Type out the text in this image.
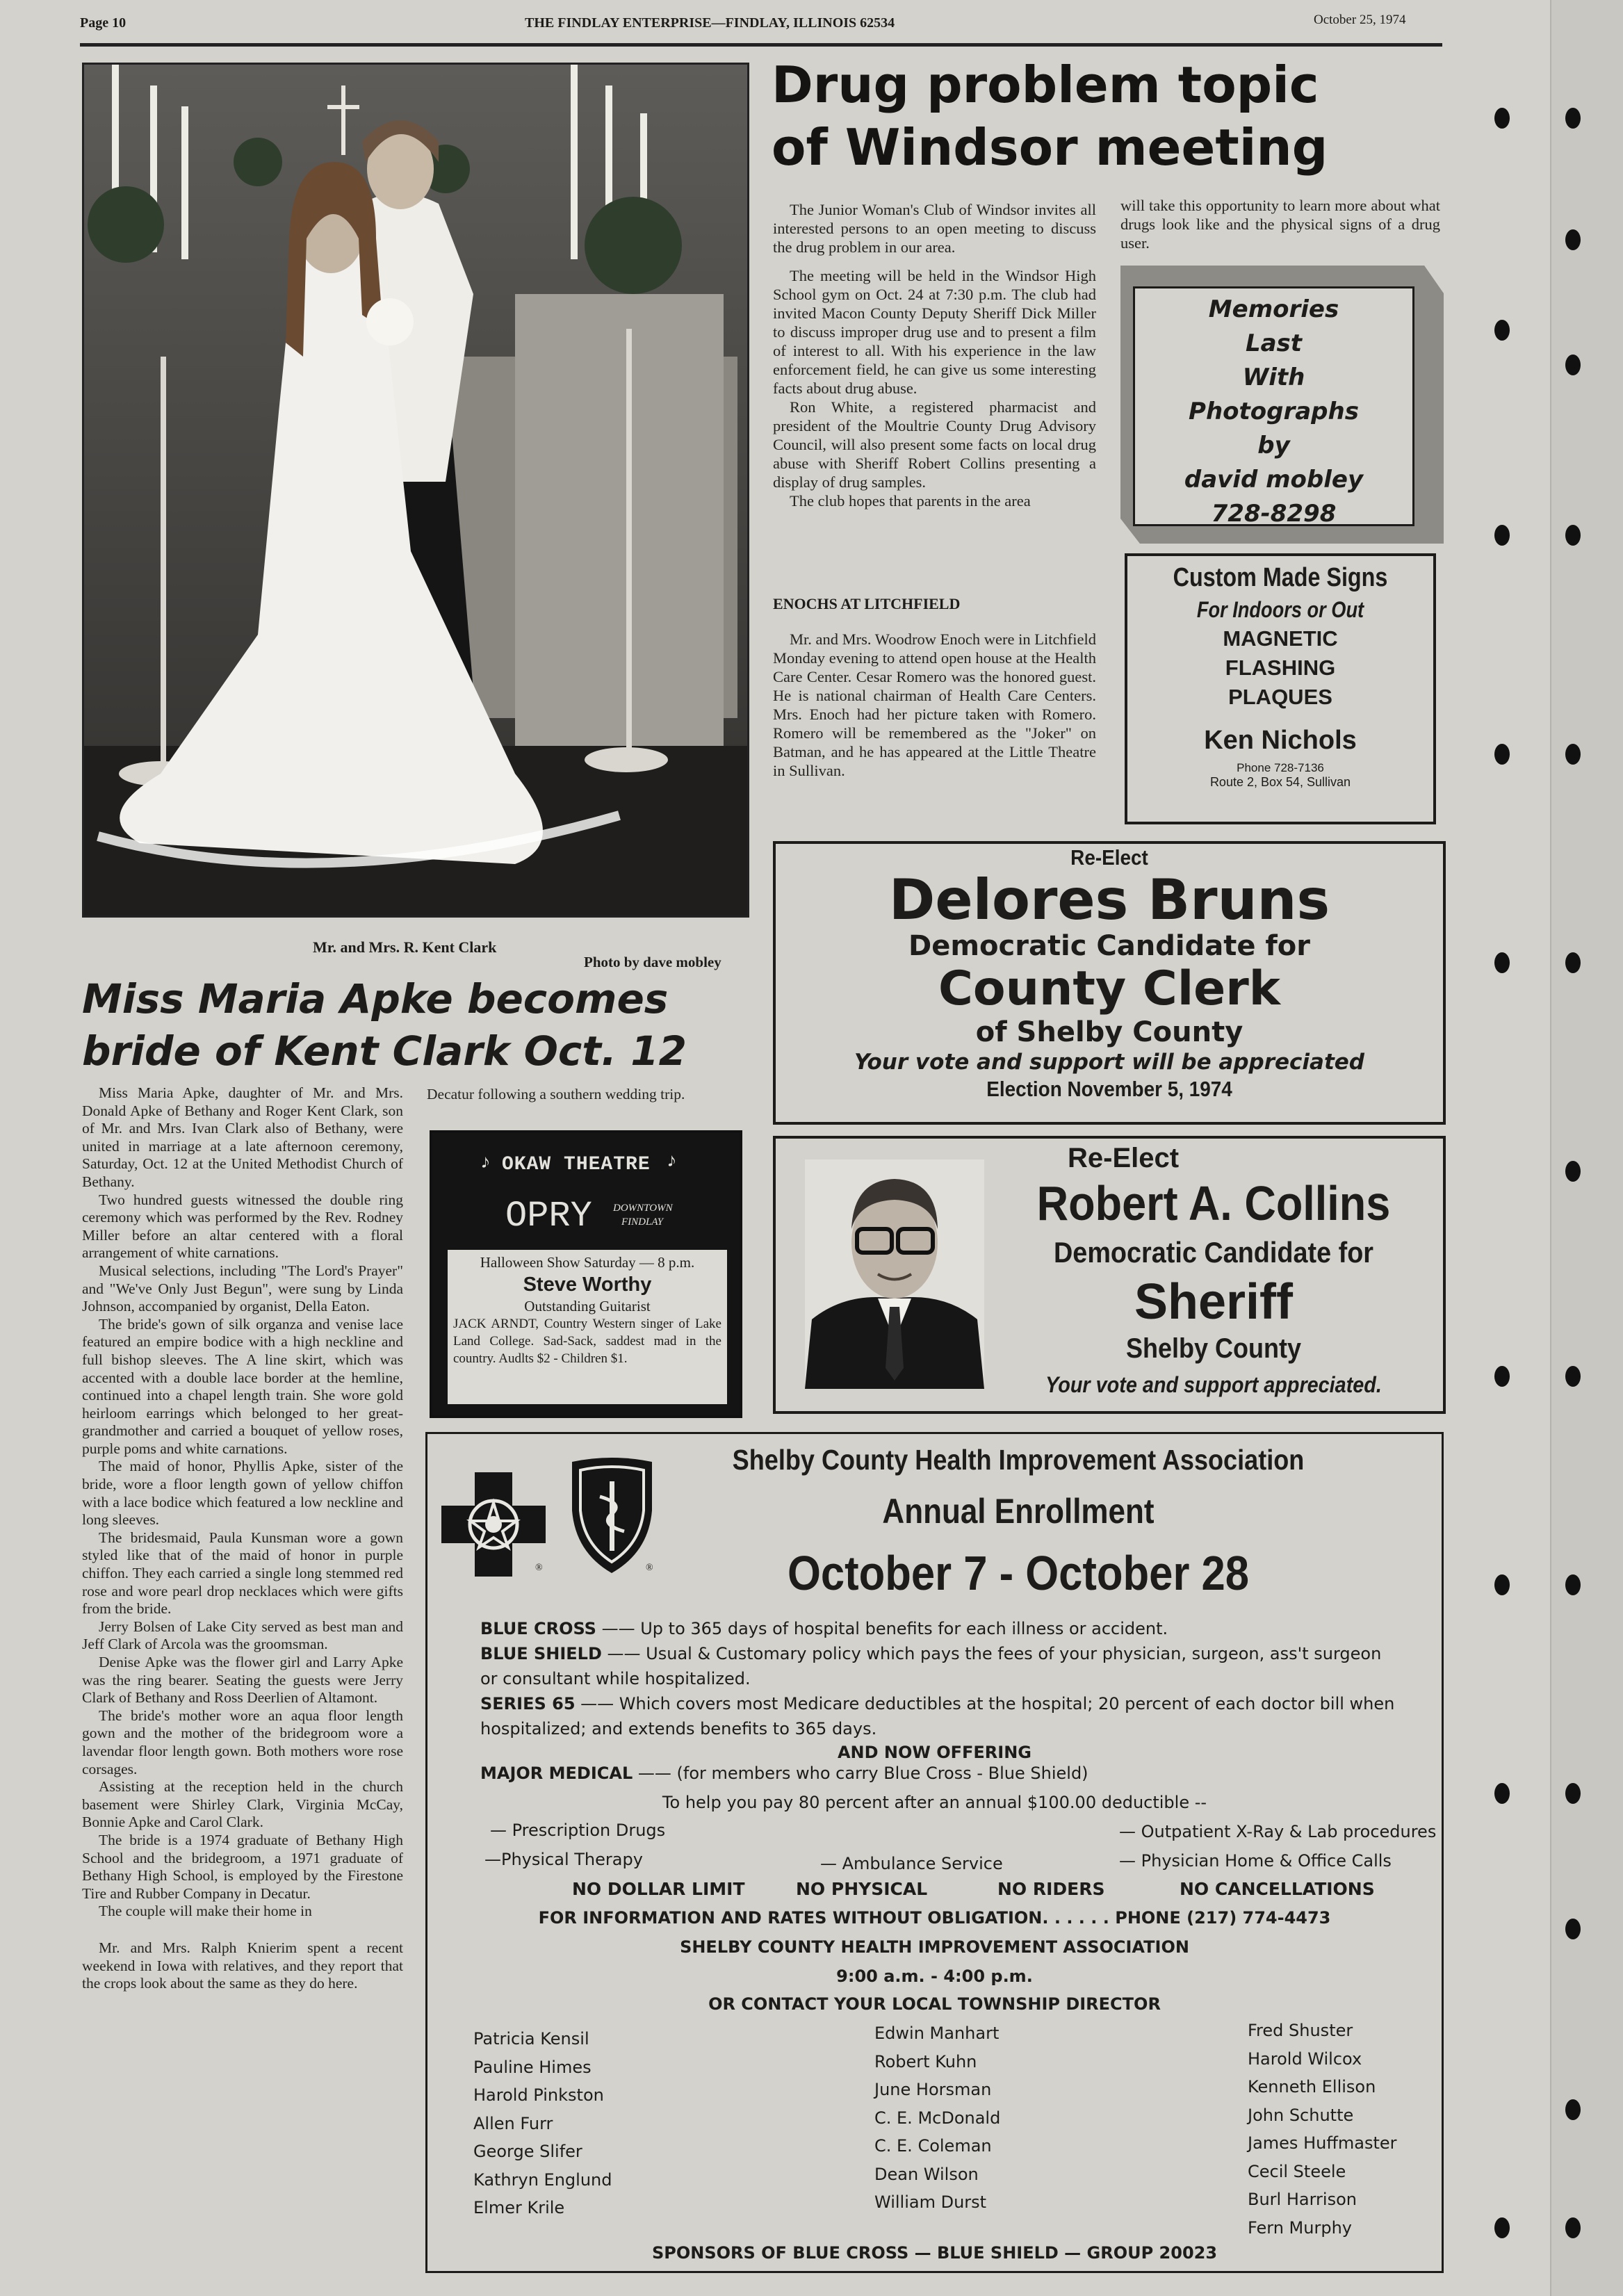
Page 10	THE FINDLAY ENTERPRISE—FINDLAY, ILLINOIS 62534	October 25, 1974
Mr. and Mrs. R. Kent Clark
Photo by dave mobley
Drug problem topic
of Windsor meeting

The Junior Woman's Club of Windsor invites all interested persons to an open meeting to discuss the drug problem in our area.

The meeting will be held in the Windsor High School gym on Oct. 24 at 7:30 p.m. The club had invited Macon County Deputy Sheriff Dick Miller to discuss improper drug use and to present a film of interest to all. With his experience in the law enforcement field, he can give us some interesting facts about drug abuse.

Ron White, a registered pharmacist and president of the Moultrie County Drug Advisory Council, will also present some facts on local drug abuse with Sheriff Robert Collins presenting a display of drug samples.

The club hopes that parents in the area

ENOCHS AT LITCHFIELD

Mr. and Mrs. Woodrow Enoch were in Litchfield Monday evening to attend open house at the Health Care Center. Cesar Romero was the honored guest. He is national chairman of Health Care Centers. Mrs. Enoch had her picture taken with Romero. Romero will be remembered as the "Joker" on Batman, and he has appeared at the Little Theatre in Sullivan.

will take this opportunity to learn more about what drugs look like and the physical signs of a drug user.
Memories
Last
With
Photographs
by
david mobley
728-8298
Custom Made Signs
For Indoors or Out
MAGNETIC
FLASHING
PLAQUES
Ken Nichols
Phone 728-7136
Route 2, Box 54, Sullivan
Re-Elect
Delores Bruns
Democratic Candidate for
County Clerk
of Shelby County
Your vote and support will be appreciated
Election November 5, 1974
Re-Elect
Robert A. Collins
Democratic Candidate for
Sheriff
Shelby County
Your vote and support appreciated.
Miss Maria Apke becomes
bride of Kent Clark Oct. 12

Miss Maria Apke, daughter of Mr. and Mrs. Donald Apke of Bethany and Roger Kent Clark, son of Mr. and Mrs. Ivan Clark also of Bethany, were united in marriage at a late afternoon ceremony, Saturday, Oct. 12 at the United Methodist Church of Bethany.

Two hundred guests witnessed the double ring ceremony which was performed by the Rev. Rodney Miller before an altar centered with a floral arrangement of white carnations.

Musical selections, including "The Lord's Prayer" and "We've Only Just Begun", were sung by Linda Johnson, accompanied by organist, Della Eaton.

The bride's gown of silk organza and venise lace featured an empire bodice with a high neckline and full bishop sleeves. The A line skirt, which was accented with a double lace border at the hemline, continued into a chapel length train. She wore gold heirloom earrings which belonged to her great-grandmother and carried a bouquet of yellow roses, purple poms and white carnations.

The maid of honor, Phyllis Apke, sister of the bride, wore a floor length gown of yellow chiffon with a lace bodice which featured a low neckline and long sleeves.

The bridesmaid, Paula Kunsman wore a gown styled like that of the maid of honor in purple chiffon. They each carried a single long stemmed red rose and wore pearl drop necklaces which were gifts from the bride.

Jerry Bolsen of Lake City served as best man and Jeff Clark of Arcola was the groomsman.

Denise Apke was the flower girl and Larry Apke was the ring bearer. Seating the guests were Jerry Clark of Bethany and Ross Deerlien of Altamont.

The bride's mother wore an aqua floor length gown and the mother of the bridegroom wore a lavendar floor length gown. Both mothers wore rose corsages.

Assisting at the reception held in the church basement were Shirley Clark, Virginia McCay, Bonnie Apke and Carol Clark.

The bride is a 1974 graduate of Bethany High School and the bridegroom, a 1971 graduate of Bethany High School, is employed by the Firestone Tire and Rubber Company in Decatur.

The couple will make their home in

Mr. and Mrs. Ralph Knierim spent a recent weekend in Iowa with relatives, and they report that the crops look about the same as they do here.

Decatur following a southern wedding trip.
♪ OKAW THEATRE ♪
OPRY DOWNTOWN
FINDLAY
Halloween Show Saturday — 8 p.m.
Steve Worthy
Outstanding Guitarist
JACK ARNDT, Country Western singer of Lake Land College. Sad-Sack, saddest mad in the country. Audlts $2 - Children $1.
®	®
Shelby County Health Improvement Association
Annual Enrollment
October 7 - October 28
BLUE CROSS —— Up to 365 days of hospital benefits for each illness or accident.
BLUE SHIELD —— Usual & Customary policy which pays the fees of your physician, surgeon, ass't surgeon
or consultant while hospitalized.
SERIES 65 —— Which covers most Medicare deductibles at the hospital; 20 percent of each doctor bill when
hospitalized; and extends benefits to 365 days.
AND NOW OFFERING
MAJOR MEDICAL —— (for members who carry Blue Cross - Blue Shield)
To help you pay 80 percent after an annual $100.00 deductible --
— Prescription Drugs	— Outpatient X-Ray & Lab procedures
—Physical Therapy	— Ambulance Service	— Physician Home & Office Calls
NO DOLLAR LIMIT	NO PHYSICAL	NO RIDERS	NO CANCELLATIONS
FOR INFORMATION AND RATES WITHOUT OBLIGATION. . . . . . PHONE (217) 774-4473
SHELBY COUNTY HEALTH IMPROVEMENT ASSOCIATION
9:00 a.m. - 4:00 p.m.
OR CONTACT YOUR LOCAL TOWNSHIP DIRECTOR
Patricia Kensil
Pauline Himes
Harold Pinkston
Allen Furr
George Slifer
Kathryn Englund
Elmer Krile
Edwin Manhart
Robert Kuhn
June Horsman
C. E. McDonald
C. E. Coleman
Dean Wilson
William Durst
Fred Shuster
Harold Wilcox
Kenneth Ellison
John Schutte
James Huffmaster
Cecil Steele
Burl Harrison
Fern Murphy
SPONSORS OF BLUE CROSS — BLUE SHIELD — GROUP 20023
